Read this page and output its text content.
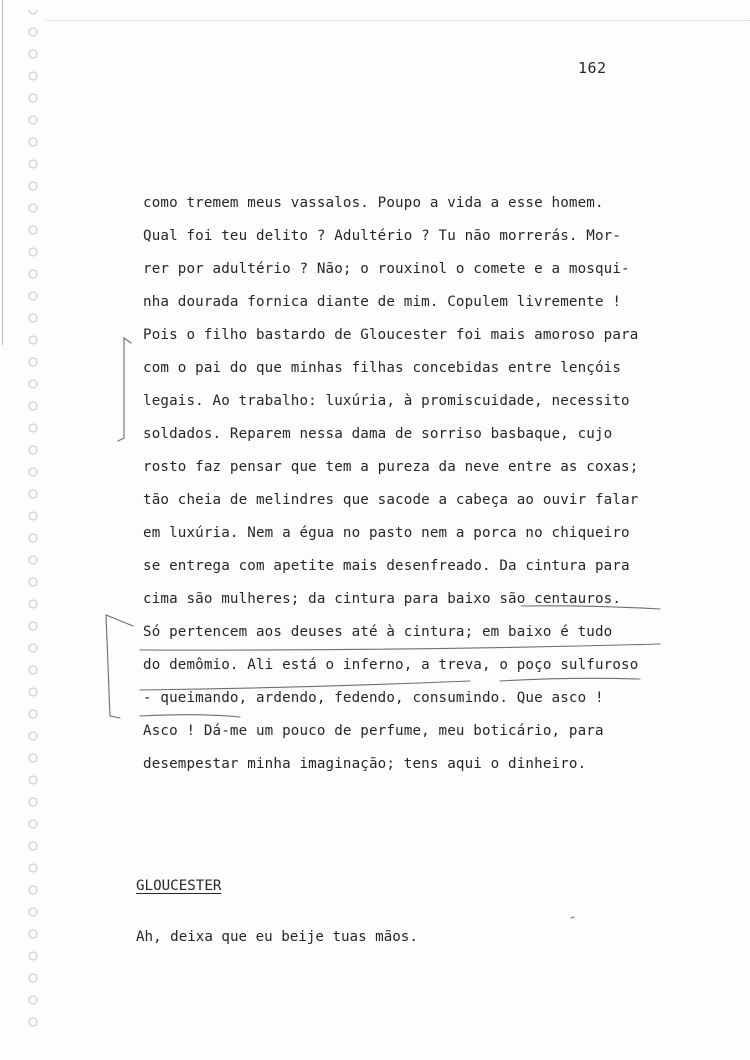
162
como tremem meus vassalos. Poupo a vida a esse homem.
Qual foi teu delito ? Adultério ? Tu não morrerás. Mor-
rer por adultério ? Não; o rouxinol o comete e a mosqui-
nha dourada fornica diante de mim. Copulem livremente !
Pois o filho bastardo de Gloucester foi mais amoroso para
com o pai do que minhas filhas concebidas entre lençóis
legais. Ao trabalho: luxúria, à promiscuidade, necessito
soldados. Reparem nessa dama de sorriso basbaque, cujo
rosto faz pensar que tem a pureza da neve entre as coxas;
tão cheia de melindres que sacode a cabeça ao ouvir falar
em luxúria. Nem a égua no pasto nem a porca no chiqueiro
se entrega com apetite mais desenfreado. Da cintura para
cima são mulheres; da cintura para baixo são centauros.
Só pertencem aos deuses até à cintura; em baixo é tudo
do demômio. Ali está o inferno, a treva, o poço sulfuroso
- queimando, ardendo, fedendo, consumindo. Que asco !
Asco ! Dá-me um pouco de perfume, meu boticário, para
desempestar minha imaginação; tens aqui o dinheiro.
GLOUCESTER
Ah, deixa que eu beije tuas mãos.
